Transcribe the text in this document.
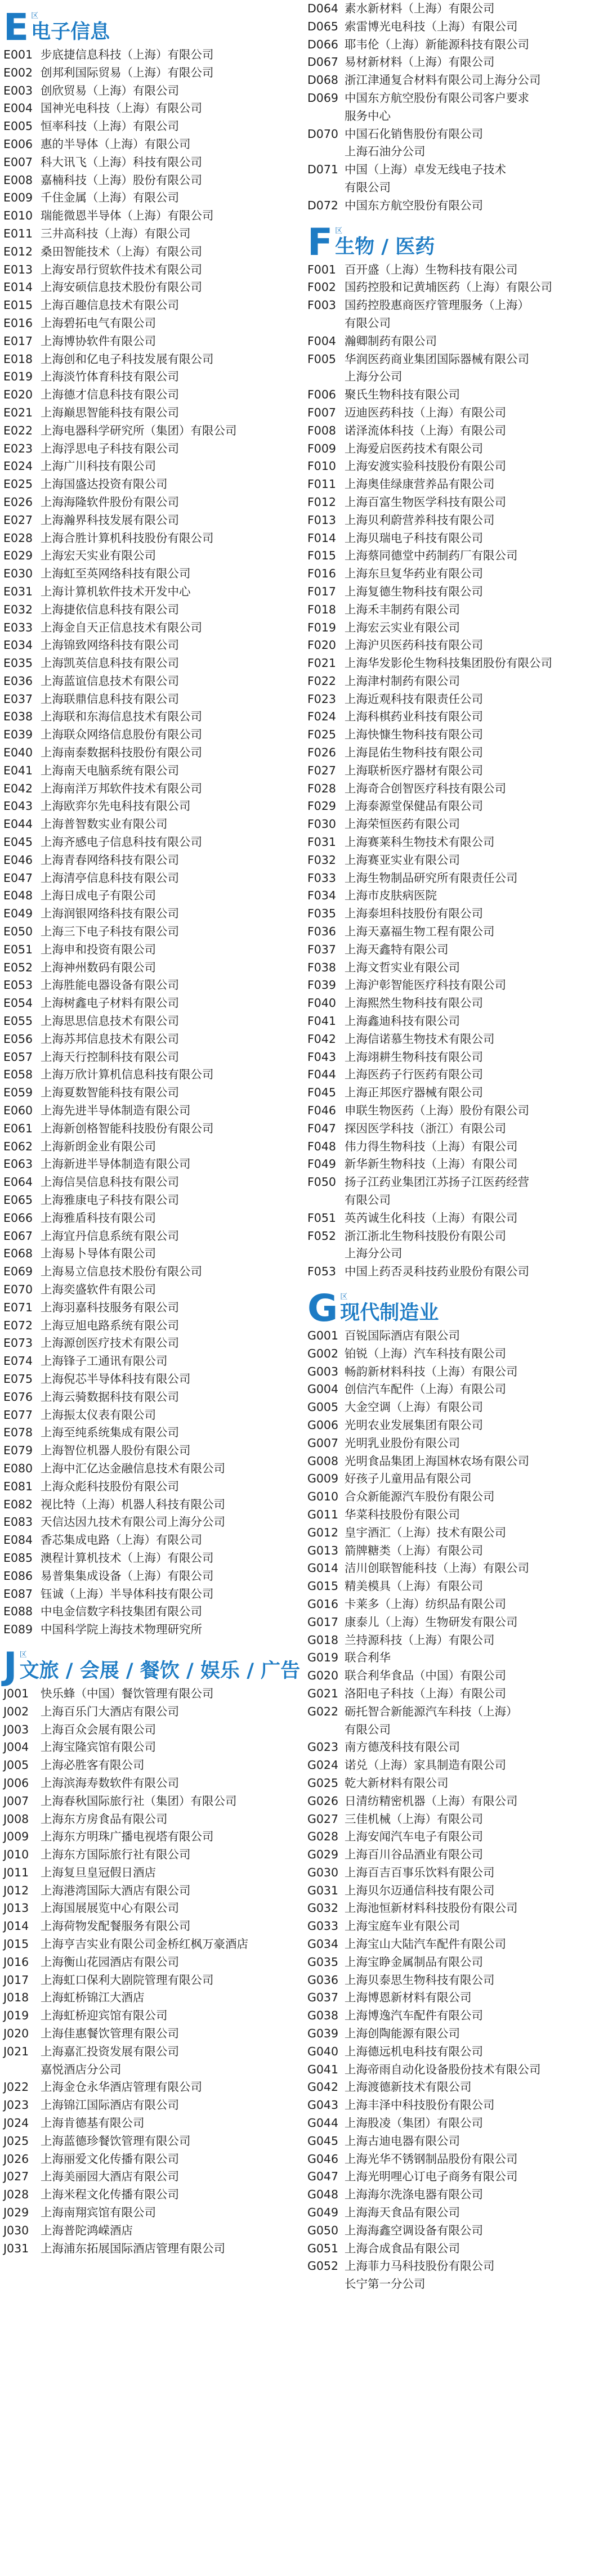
E 区
电子信息
E001 步底捷信息科技（上海）有限公司
E002 创邦利国际贸易（上海）有限公司
E003 创欣贸易（上海）有限公司
E004 国神光电科技（上海）有限公司
E005 恒率科技（上海）有限公司
E006 惠的半导体（上海）有限公司
E007 科大讯飞（上海）科技有限公司
E008 嘉楠科技（上海）股份有限公司
E009 千住金属（上海）有限公司
E010 瑞能微恩半导体（上海）有限公司
E011 三井高科技（上海）有限公司
E012 桑田智能技术（上海）有限公司
E013 上海安昂行贸软件技术有限公司
E014 上海安硕信息技术股份有限公司
E015 上海百趣信息技术有限公司
E016 上海碧拓电气有限公司
E017 上海博协软件有限公司
E018 上海创和亿电子科技发展有限公司
E019 上海淡竹体育科技有限公司
E020 上海德才信息科技有限公司
E021 上海巅思智能科技有限公司
E022 上海电器科学研究所（集团）有限公司
E023 上海浮思电子科技有限公司
E024 上海广川科技有限公司
E025 上海国盛达投资有限公司
E026 上海海隆软件股份有限公司
E027 上海瀚界科技发展有限公司
E028 上海合胜计算机科技股份有限公司
E029 上海宏天实业有限公司
E030 上海虹至英网络科技有限公司
E031 上海计算机软件技术开发中心
E032 上海捷依信息科技有限公司
E033 上海金自天正信息技术有限公司
E034 上海锦致网络科技有限公司
E035 上海凯英信息科技有限公司
E036 上海蓝谊信息技术有限公司
E037 上海联鼎信息科技有限公司
E038 上海联和东海信息技术有限公司
E039 上海联众网络信息股份有限公司
E040 上海南泰数据科技股份有限公司
E041 上海南天电脑系统有限公司
E042 上海南洋万邦软件技术有限公司
E043 上海欧弈尔先电科技有限公司
E044 上海普智数实业有限公司
E045 上海齐感电子信息科技有限公司
E046 上海青春网络科技有限公司
E047 上海清亭信息科技有限公司
E048 上海日成电子有限公司
E049 上海润银网络科技有限公司
E050 上海三下电子科技有限公司
E051 上海申和投资有限公司
E052 上海神州数码有限公司
E053 上海胜能电器设备有限公司
E054 上海树鑫电子材料有限公司
E055 上海思思信息技术有限公司
E056 上海苏邦信息技术有限公司
E057 上海天行控制科技有限公司
E058 上海万欣计算机信息科技有限公司
E059 上海夏数智能科技有限公司
E060 上海先进半导体制造有限公司
E061 上海新创格智能科技股份有限公司
E062 上海新朗金业有限公司
E063 上海新进半导体制造有限公司
E064 上海信昊信息科技有限公司
E065 上海雅康电子科技有限公司
E066 上海雅盾科技有限公司
E067 上海宜丹信息系统有限公司
E068 上海易卜导体有限公司
E069 上海易立信息技术股份有限公司
E070 上海奕盛软件有限公司
E071 上海羽嘉科技服务有限公司
E072 上海豆旭电路系统有限公司
E073 上海源创医疗技术有限公司
E074 上海锋子工通讯有限公司
E075 上海倪芯半导体科技有限公司
E076 上海云骑数据科技有限公司
E077 上海振太仪表有限公司
E078 上海至纯系统集成有限公司
E079 上海智位机器人股份有限公司
E080 上海中汇亿达金融信息技术有限公司
E081 上海众彪科技股份有限公司
E082 视比特（上海）机器人科技有限公司
E083 天信达因九技术有限公司上海分公司
E084 香芯集成电路（上海）有限公司
E085 澳程计算机技术（上海）有限公司
E086 易普集集成设备（上海）有限公司
E087 钰诚（上海）半导体科技有限公司
E088 中电金信数字科技集团有限公司
E089 中国科学院上海技术物理研究所
J 区
文旅 / 会展 / 餐饮 / 娱乐 / 广告
J001	快乐蜂（中国）餐饮管理有限公司
J002	上海百乐门大酒店有限公司
J003	上海百众会展有限公司
J004	上海宝隆宾馆有限公司
J005	上海必胜客有限公司
J006	上海滨海寿数软件有限公司
J007	上海春秋国际旅行社（集团）有限公司
J008	上海东方房食品有限公司
J009	上海东方明珠广播电视塔有限公司
J010	上海东方国际旅行社有限公司
J011	上海复旦皇冠假日酒店
J012	上海港湾国际大酒店有限公司
J013	上海国展展览中心有限公司
J014	上海荷物发配餐服务有限公司
J015	上海亨吉实业有限公司金桥红枫万豪酒店
J016	上海衡山花园酒店有限公司
J017	上海虹口保利大剧院管理有限公司
J018	上海虹桥锦江大酒店
J019	上海虹桥迎宾馆有限公司
J020	上海佳惠餐饮管理有限公司
J021	上海嘉汇投资发展有限公司
嘉悦酒店分公司
J022	上海金仓永华酒店管理有限公司
J023	上海锦江国际酒店有限公司
J024	上海肯德基有限公司
J025	上海蓝德珍餐饮管理有限公司
J026	上海丽爱文化传播有限公司
J027	上海美丽园大酒店有限公司
J028	上海米程文化传播有限公司
J029	上海南翔宾馆有限公司
J030	上海普陀鸿嵘酒店
J031	上海浦东拓展国际酒店管理有限公司
D064 素水新材料（上海）有限公司
D065 索雷博光电科技（上海）有限公司
D066 耶韦伦（上海）新能源科技有限公司
D067 易材新材料（上海）有限公司
D068 浙江津通复合材料有限公司上海分公司
D069 中国东方航空股份有限公司客户要求
服务中心
D070 中国石化销售股份有限公司
上海石油分公司
D071 中国（上海）卓发无线电子技术
有限公司
D072 中国东方航空股份有限公司
F 区
生物 / 医药
F001 百开盛（上海）生物科技有限公司
F002 国药控股和记黄埔医药（上海）有限公司
F003 国药控股惠商医疗管理服务（上海）
有限公司
F004 瀚卿制药有限公司
F005 华润医药商业集团国际器械有限公司
上海分公司
F006 聚氏生物科技有限公司
F007 迈迪医药科技（上海）有限公司
F008 诺泽流体科技（上海）有限公司
F009 上海爱启医药技术有限公司
F010 上海安渡实验科技股份有限公司
F011 上海奥佳绿康营养品有限公司
F012 上海百富生物医学科技有限公司
F013 上海贝利蔚营养科技有限公司
F014 上海贝瑞电子科技有限公司
F015 上海蔡同德堂中药制药厂有限公司
F016 上海东旦复华药业有限公司
F017 上海复德生物科技有限公司
F018 上海禾丰制药有限公司
F019 上海宏云实业有限公司
F020 上海沪贝医药科技有限公司
F021 上海华发影伦生物科技集团股份有限公司
F022 上海津村制药有限公司
F023 上海近观科技有限责任公司
F024 上海科棋药业科技有限公司
F025 上海快慷生物科技有限公司
F026 上海昆佑生物科技有限公司
F027 上海联析医疗器材有限公司
F028 上海奇合创智医疗科技有限公司
F029 上海泰源堂保健品有限公司
F030 上海荣恒医药有限公司
F031 上海赛莱科生物技术有限公司
F032 上海赛亚实业有限公司
F033 上海生物制品研究所有限责任公司
F034 上海市皮肤病医院
F035 上海泰坦科技股份有限公司
F036 上海天嘉福生物工程有限公司
F037 上海天鑫特有限公司
F038 上海文哲实业有限公司
F039 上海沪彰智能医疗科技有限公司
F040 上海熙然生物科技有限公司
F041 上海鑫迪科技有限公司
F042 上海信诺慕生物技术有限公司
F043 上海翊耕生物科技有限公司
F044 上海医药子行医药有限公司
F045 上海正邦医疗器械有限公司
F046 申联生物医药（上海）股份有限公司
F047 探因医学科技（浙江）有限公司
F048 伟力得生物科技（上海）有限公司
F049 新华新生物科技（上海）有限公司
F050 扬子江药业集团江苏扬子江医药经营
有限公司
F051 英芮诚生化科技（上海）有限公司
F052 浙江浙北生物科技股份有限公司
上海分公司
F053 中国上药否灵科技药业股份有限公司
G 区
现代制造业
G001 百锐国际酒店有限公司
G002 铂锐（上海）汽车科技有限公司
G003 畅韵新材料科技（上海）有限公司
G004 创信汽车配件（上海）有限公司
G005 大金空调（上海）有限公司
G006 光明农业发展集团有限公司
G007 光明乳业股份有限公司
G008 光明食品集团上海国林农场有限公司
G009 好孩子儿童用品有限公司
G010 合众新能源汽车股份有限公司
G011 华菜科技股份有限公司
G012 皇宇酒汇（上海）技术有限公司
G013 箭牌糖类（上海）有限公司
G014 洁川创联智能科技（上海）有限公司
G015 精美模具（上海）有限公司
G016 卡莱多（上海）纺织品有限公司
G017 康泰儿（上海）生物研发有限公司
G018 兰持源科技（上海）有限公司
G019 联合利华
G020 联合利华食品（中国）有限公司
G021 洛阳电子科技（上海）有限公司
G022 砺托智合新能源汽车科技（上海）
有限公司
G023 南方德茂科技有限公司
G024 诺兑（上海）家具制造有限公司
G025 乾大新材料有限公司
G026 日清纺精密机器（上海）有限公司
G027 三佳机械（上海）有限公司
G028 上海安闻汽车电子有限公司
G029 上海百川谷品酒业有限公司
G030 上海百吉百事乐饮料有限公司
G031 上海贝尔迈通信科技有限公司
G032 上海池恒新材料科技股份有限公司
G033 上海宝庭车业有限公司
G034 上海宝山大陆汽车配件有限公司
G035 上海宝睁金属制品有限公司
G036 上海贝泰思生物科技有限公司
G037 上海博恩新材料有限公司
G038 上海博逸汽车配件有限公司
G039 上海创陶能源有限公司
G040 上海德远机电科技有限公司
G041 上海帝雨自动化设备股份技术有限公司
G042 上海渡德新技术有限公司
G043 上海丰泽中科技股份有限公司
G044 上海股凌（集团）有限公司
G045 上海古迪电器有限公司
G046 上海光华不锈钢制品股份有限公司
G047 上海光明哩心订电子商务有限公司
G048 上海海尔洗涤电器有限公司
G049 上海海天食品有限公司
G050 上海海鑫空调设备有限公司
G051 上海合成食品有限公司
G052 上海菲力马科技股份有限公司
长宁第一分公司
